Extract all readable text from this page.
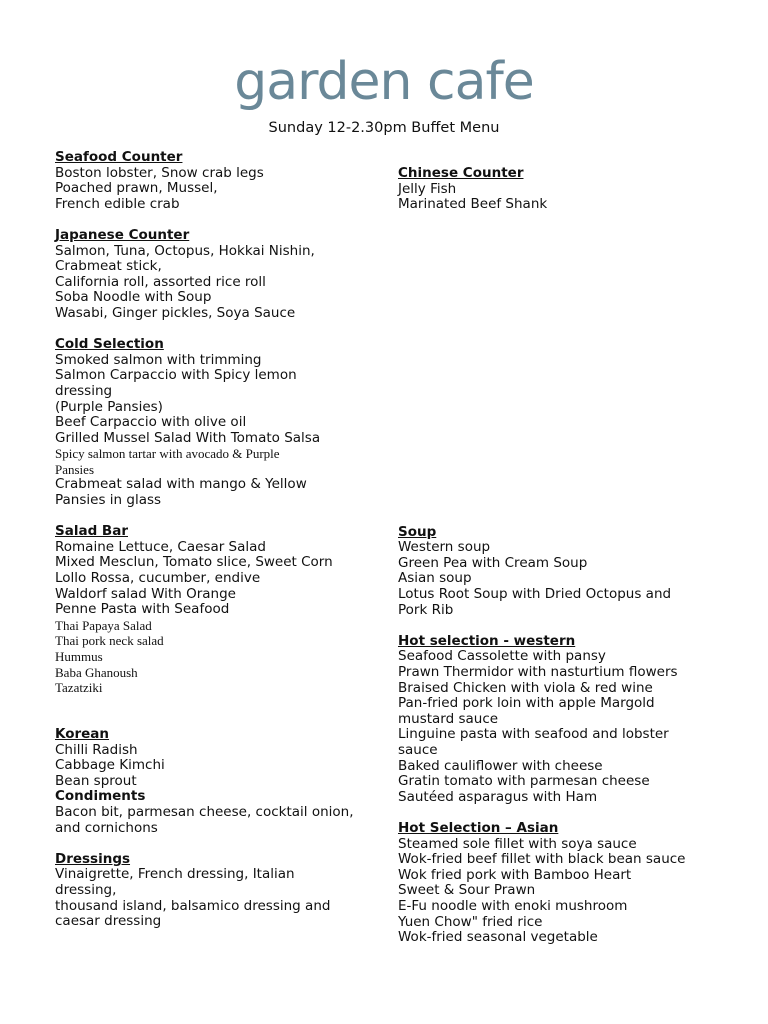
garden cafe
Sunday 12-2.30pm Buffet Menu
Seafood Counter
Boston lobster, Snow crab legs
Poached prawn, Mussel,
French edible crab
Japanese Counter
Salmon, Tuna, Octopus, Hokkai Nishin,
Crabmeat stick,
California roll, assorted rice roll
Soba Noodle with Soup
Wasabi, Ginger pickles, Soya Sauce
Cold Selection
Smoked salmon with trimming
Salmon Carpaccio with Spicy lemon
dressing
(Purple Pansies)
Beef Carpaccio with olive oil
Grilled Mussel Salad With Tomato Salsa
Spicy salmon tartar with avocado & Purple
Pansies
Crabmeat salad with mango & Yellow
Pansies in glass
Salad Bar
Romaine Lettuce, Caesar Salad
Mixed Mesclun, Tomato slice, Sweet Corn
Lollo Rossa, cucumber, endive
Waldorf salad With Orange
Penne Pasta with Seafood
Thai Papaya Salad
Thai pork neck salad
Hummus
Baba Ghanoush
Tazatziki
Korean
Chilli Radish
Cabbage Kimchi
Bean sprout
Condiments
Bacon bit, parmesan cheese, cocktail onion,
and cornichons
Dressings
Vinaigrette, French dressing, Italian
dressing,
thousand island, balsamico dressing and
caesar dressing
Chinese Counter
Jelly Fish
Marinated Beef Shank
Soup
Western soup
Green Pea with Cream Soup
Asian soup
Lotus Root Soup with Dried Octopus and
Pork Rib
Hot selection - western
Seafood Cassolette with pansy
Prawn Thermidor with nasturtium flowers
Braised Chicken with viola & red wine
Pan-fried pork loin with apple Margold
mustard sauce
Linguine pasta with seafood and lobster
sauce
Baked cauliflower with cheese
Gratin tomato with parmesan cheese
Sautéed asparagus with Ham
Hot Selection – Asian
Steamed sole fillet with soya sauce
Wok-fried beef fillet with black bean sauce
Wok fried pork with Bamboo Heart
Sweet & Sour Prawn
E-Fu noodle with enoki mushroom
Yuen Chow" fried rice
Wok-fried seasonal vegetable
